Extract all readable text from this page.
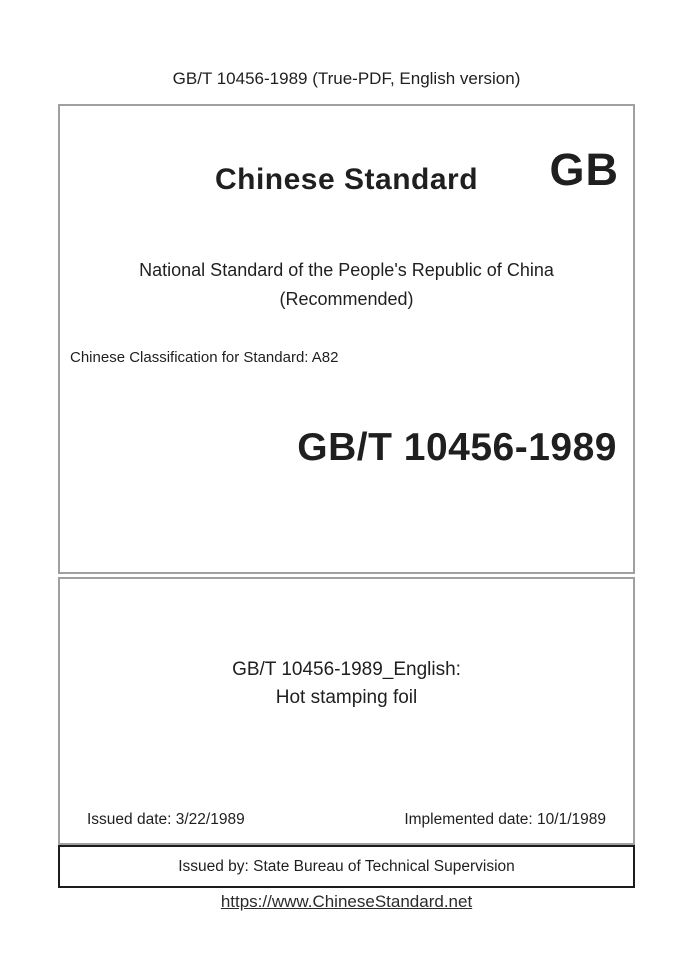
GB/T 10456-1989 (True-PDF, English version)
Chinese Standard	GB
National Standard of the People's Republic of China
(Recommended)
Chinese Classification for Standard: A82
GB/T 10456-1989
GB/T 10456-1989_English:
Hot stamping foil
Issued date: 3/22/1989	Implemented date: 10/1/1989
Issued by: State Bureau of Technical Supervision
https://www.ChineseStandard.net
